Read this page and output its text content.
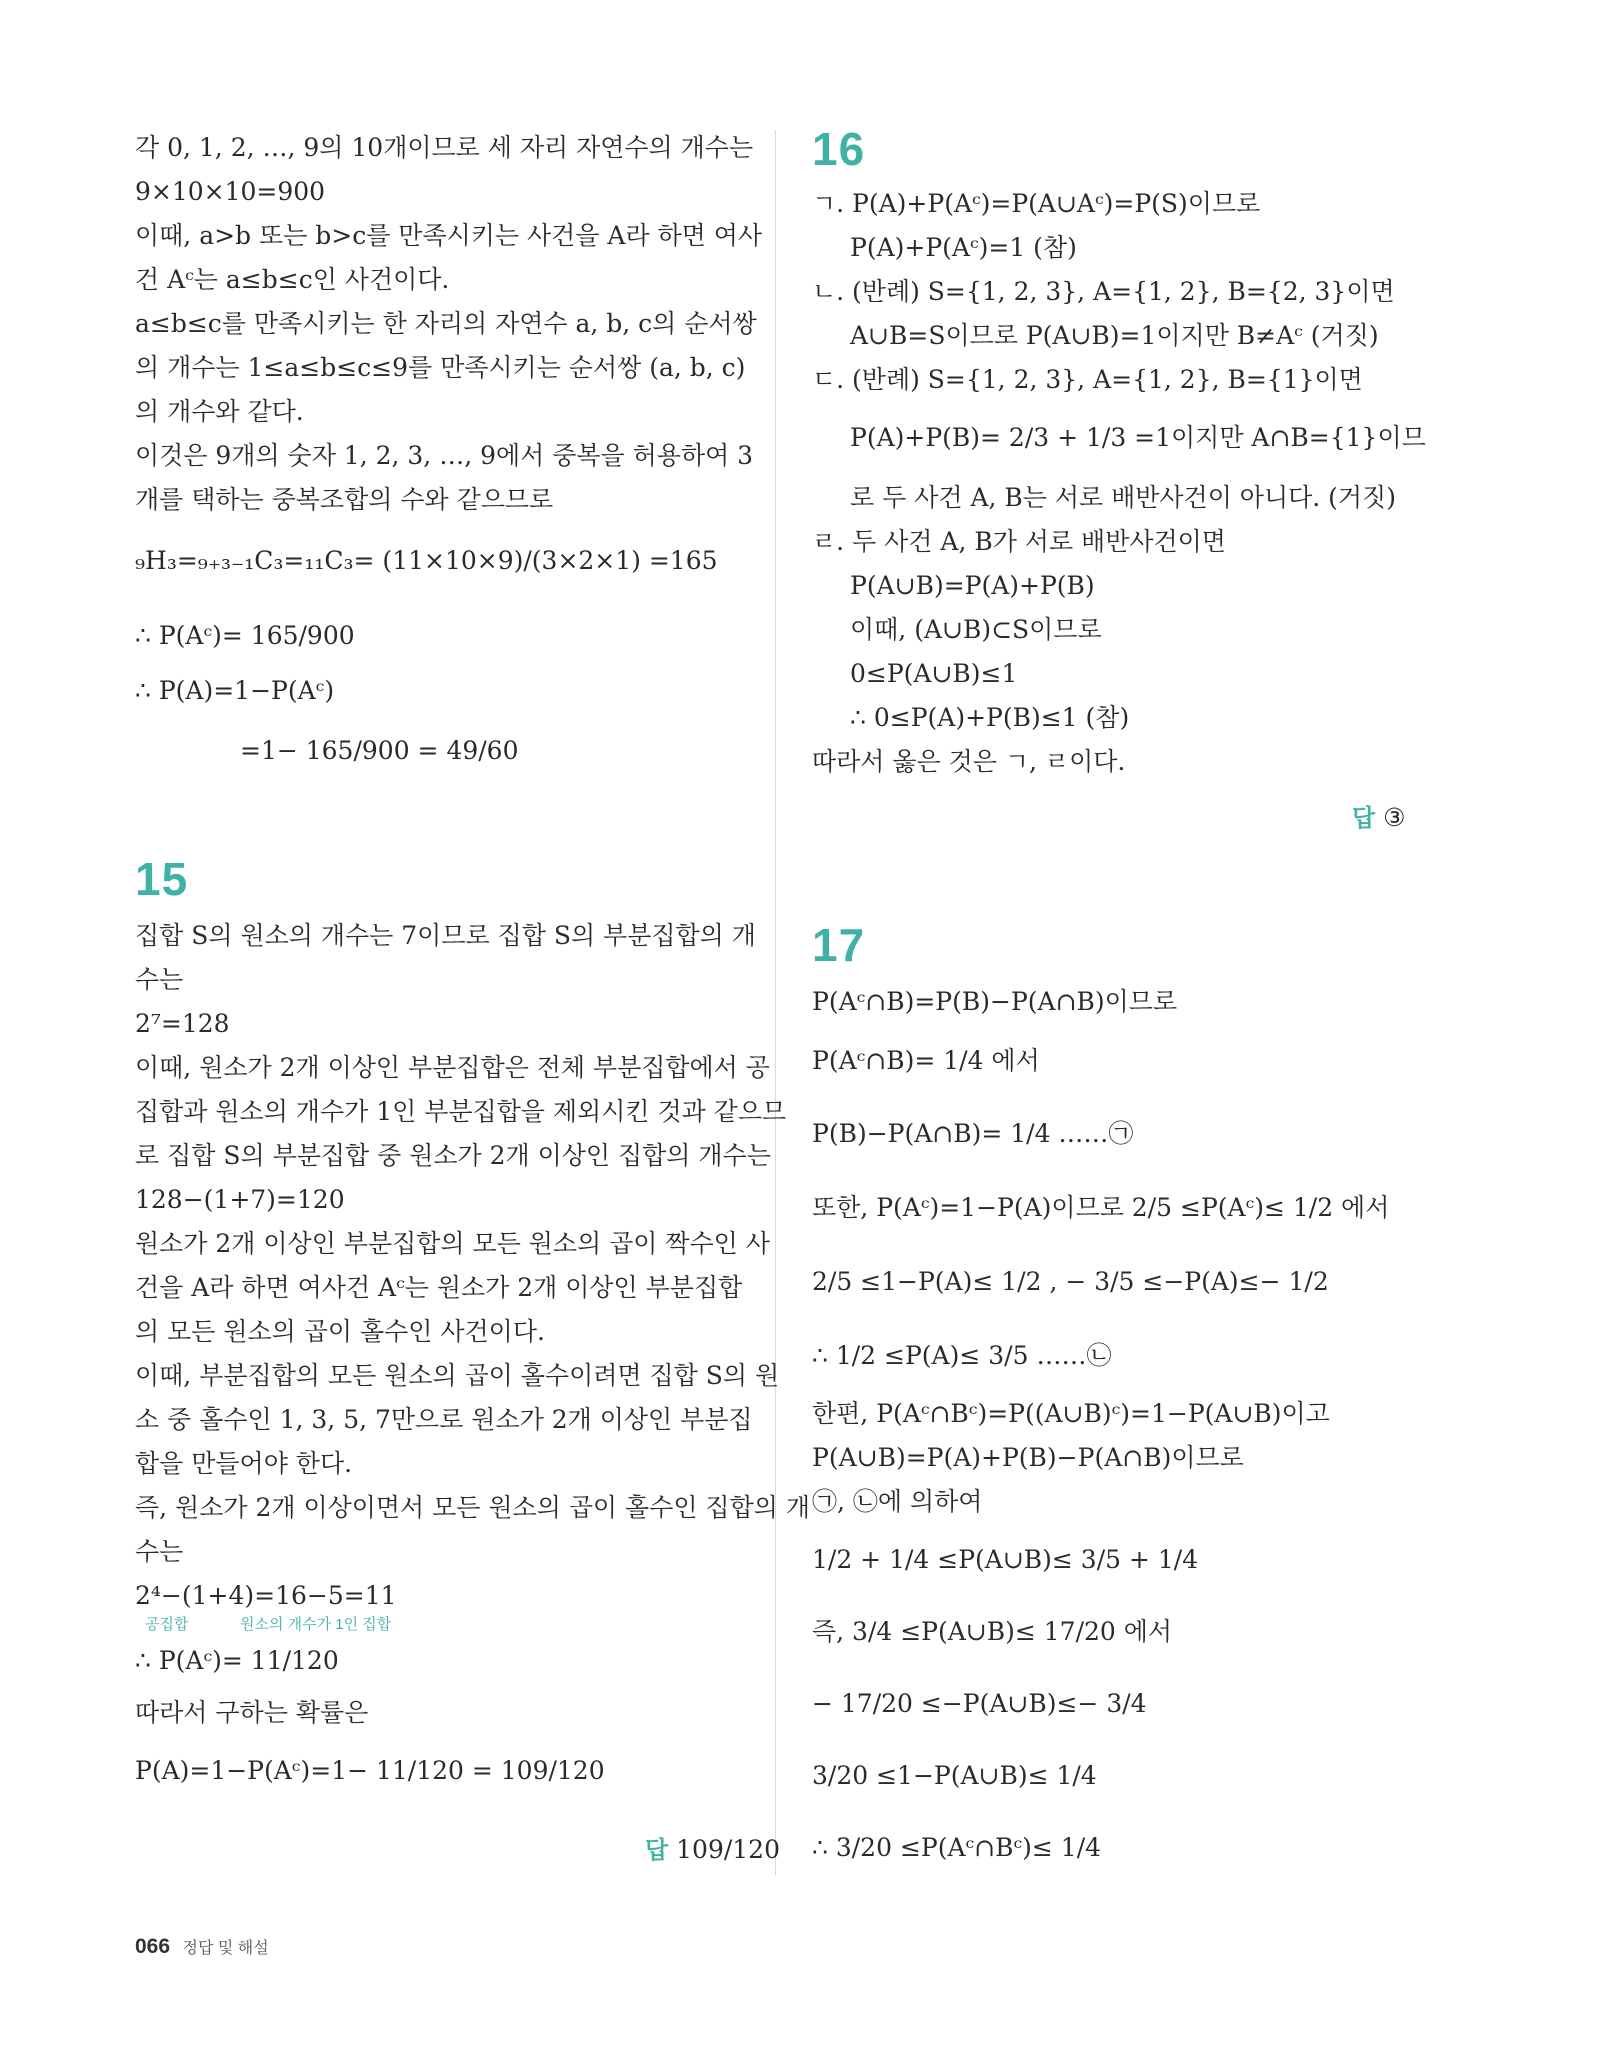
각 0, 1, 2, …, 9의 10개이므로 세 자리 자연수의 개수는
9×10×10=900
이때, a>b 또는 b>c를 만족시키는 사건을 A라 하면 여사
건 Aᶜ는 a≤b≤c인 사건이다.
a≤b≤c를 만족시키는 한 자리의 자연수 a, b, c의 순서쌍
의 개수는 1≤a≤b≤c≤9를 만족시키는 순서쌍 (a, b, c)
의 개수와 같다.
이것은 9개의 숫자 1, 2, 3, …, 9에서 중복을 허용하여 3
개를 택하는 중복조합의 수와 같으므로
₉H₃=₉₊₃₋₁C₃=₁₁C₃= (11×10×9)/(3×2×1) =165
∴ P(Aᶜ)= 165/900
∴ P(A)=1−P(Aᶜ)
=1− 165/900 = 49/60
15
집합 S의 원소의 개수는 7이므로 집합 S의 부분집합의 개
수는
2⁷=128
이때, 원소가 2개 이상인 부분집합은 전체 부분집합에서 공
집합과 원소의 개수가 1인 부분집합을 제외시킨 것과 같으므
로 집합 S의 부분집합 중 원소가 2개 이상인 집합의 개수는
128−(1+7)=120
원소가 2개 이상인 부분집합의 모든 원소의 곱이 짝수인 사
건을 A라 하면 여사건 Aᶜ는 원소가 2개 이상인 부분집합
의 모든 원소의 곱이 홀수인 사건이다.
이때, 부분집합의 모든 원소의 곱이 홀수이려면 집합 S의 원
소 중 홀수인 1, 3, 5, 7만으로 원소가 2개 이상인 부분집
합을 만들어야 한다.
즉, 원소가 2개 이상이면서 모든 원소의 곱이 홀수인 집합의 개
수는
2⁴−(1+4)=16−5=11
공집합	원소의 개수가 1인 집합
∴ P(Aᶜ)= 11/120
따라서 구하는 확률은
P(A)=1−P(Aᶜ)=1− 11/120 = 109/120
답 109/120
16
ㄱ. P(A)+P(Aᶜ)=P(A∪Aᶜ)=P(S)이므로
P(A)+P(Aᶜ)=1 (참)
ㄴ. (반례) S={1, 2, 3}, A={1, 2}, B={2, 3}이면
A∪B=S이므로 P(A∪B)=1이지만 B≠Aᶜ (거짓)
ㄷ. (반례) S={1, 2, 3}, A={1, 2}, B={1}이면
P(A)+P(B)= 2/3 + 1/3 =1이지만 A∩B={1}이므
로 두 사건 A, B는 서로 배반사건이 아니다. (거짓)
ㄹ. 두 사건 A, B가 서로 배반사건이면
P(A∪B)=P(A)+P(B)
이때, (A∪B)⊂S이므로
0≤P(A∪B)≤1
∴ 0≤P(A)+P(B)≤1 (참)
따라서 옳은 것은 ㄱ, ㄹ이다.
답 ③
17
P(Aᶜ∩B)=P(B)−P(A∩B)이므로
P(Aᶜ∩B)= 1/4 에서
P(B)−P(A∩B)= 1/4 ……㉠
또한, P(Aᶜ)=1−P(A)이므로 2/5 ≤P(Aᶜ)≤ 1/2 에서
2/5 ≤1−P(A)≤ 1/2 , − 3/5 ≤−P(A)≤− 1/2
∴ 1/2 ≤P(A)≤ 3/5 ……㉡
한편, P(Aᶜ∩Bᶜ)=P((A∪B)ᶜ)=1−P(A∪B)이고
P(A∪B)=P(A)+P(B)−P(A∩B)이므로
㉠, ㉡에 의하여
1/2 + 1/4 ≤P(A∪B)≤ 3/5 + 1/4
즉, 3/4 ≤P(A∪B)≤ 17/20 에서
− 17/20 ≤−P(A∪B)≤− 3/4
3/20 ≤1−P(A∪B)≤ 1/4
∴ 3/20 ≤P(Aᶜ∩Bᶜ)≤ 1/4
066 정답 및 해설
